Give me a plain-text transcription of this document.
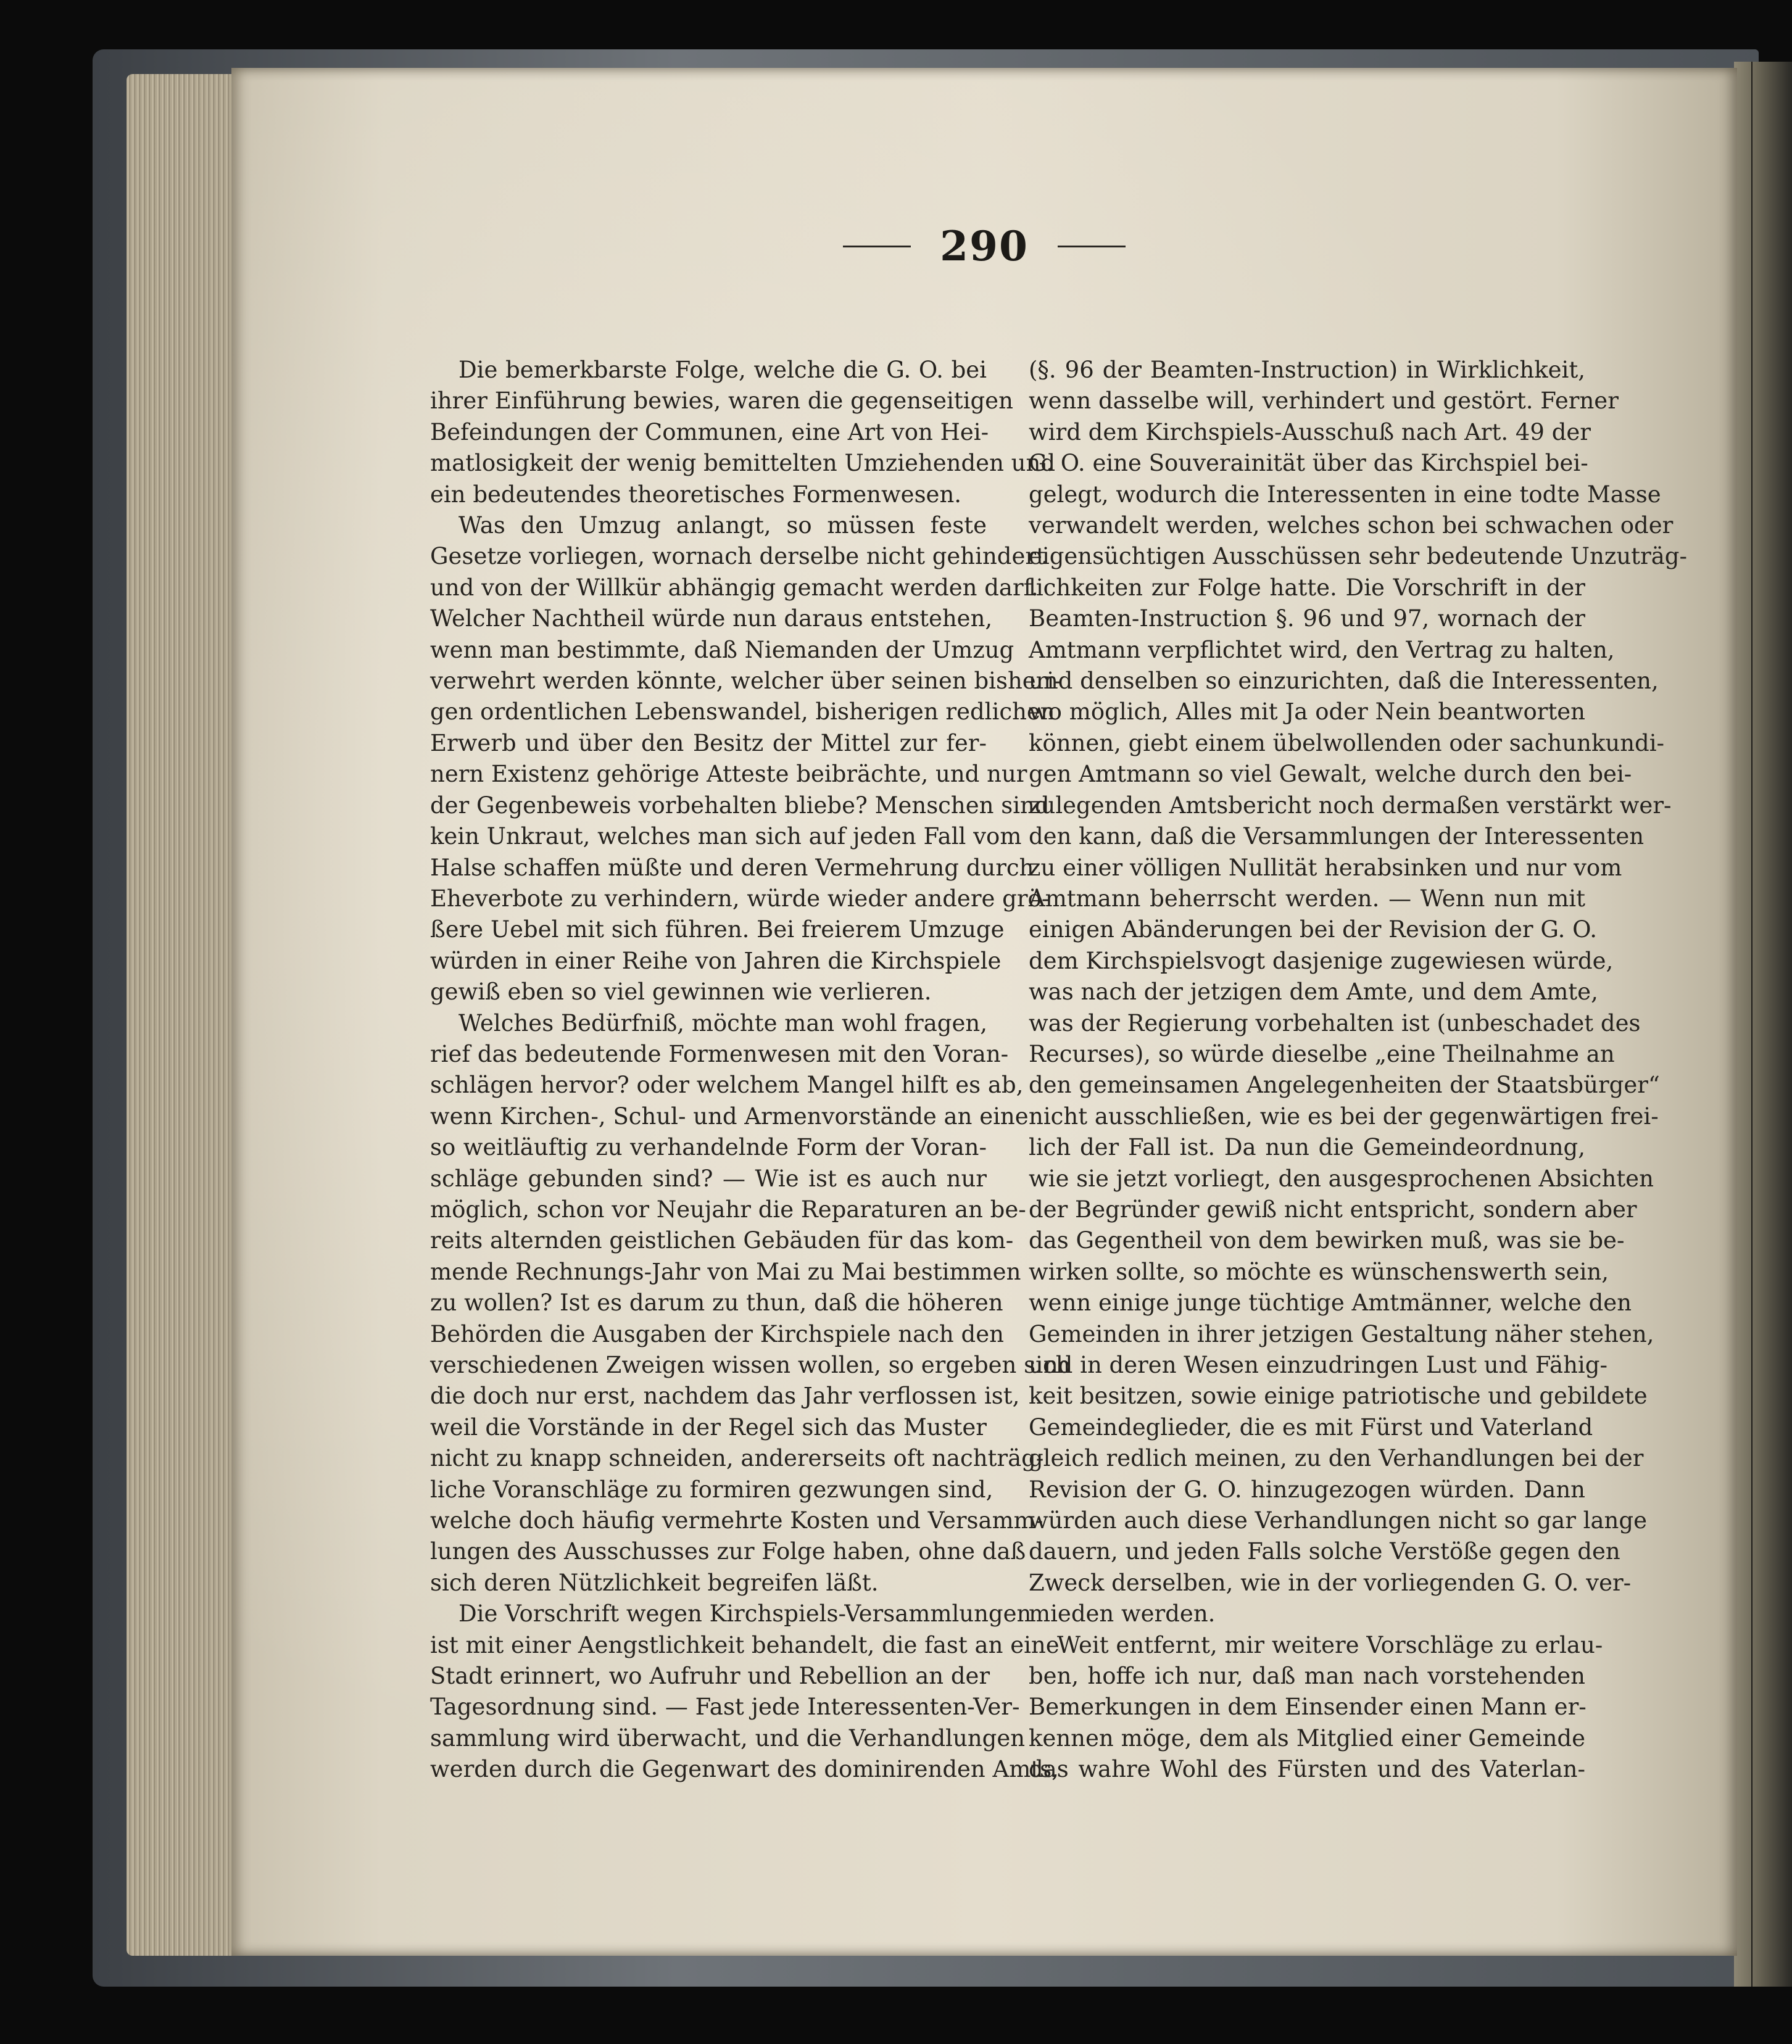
290

Die bemerkbarste Folge, welche die G. O. bei
ihrer Einführung bewies, waren die gegenseitigen
Befeindungen der Communen, eine Art von Hei-
matlosigkeit der wenig bemittelten Umziehenden und
ein bedeutendes theoretisches Formenwesen.

Was den Umzug anlangt, so müssen feste
Gesetze vorliegen, wornach derselbe nicht gehindert
und von der Willkür abhängig gemacht werden darf.
Welcher Nachtheil würde nun daraus entstehen,
wenn man bestimmte, daß Niemanden der Umzug
verwehrt werden könnte, welcher über seinen bisheri-
gen ordentlichen Lebenswandel, bisherigen redlichen
Erwerb und über den Besitz der Mittel zur fer-
nern Existenz gehörige Atteste beibrächte, und nur
der Gegenbeweis vorbehalten bliebe? Menschen sind
kein Unkraut, welches man sich auf jeden Fall vom
Halse schaffen müßte und deren Vermehrung durch
Eheverbote zu verhindern, würde wieder andere grö-
ßere Uebel mit sich führen. Bei freierem Umzuge
würden in einer Reihe von Jahren die Kirchspiele
gewiß eben so viel gewinnen wie verlieren.

Welches Bedürfniß, möchte man wohl fragen,
rief das bedeutende Formenwesen mit den Voran-
schlägen hervor? oder welchem Mangel hilft es ab,
wenn Kirchen-, Schul- und Armenvorstände an eine
so weitläuftig zu verhandelnde Form der Voran-
schläge gebunden sind? — Wie ist es auch nur
möglich, schon vor Neujahr die Reparaturen an be-
reits alternden geistlichen Gebäuden für das kom-
mende Rechnungs-Jahr von Mai zu Mai bestimmen
zu wollen? Ist es darum zu thun, daß die höheren
Behörden die Ausgaben der Kirchspiele nach den
verschiedenen Zweigen wissen wollen, so ergeben sich
die doch nur erst, nachdem das Jahr verflossen ist,
weil die Vorstände in der Regel sich das Muster
nicht zu knapp schneiden, andererseits oft nachträg-
liche Voranschläge zu formiren gezwungen sind,
welche doch häufig vermehrte Kosten und Versamm-
lungen des Ausschusses zur Folge haben, ohne daß
sich deren Nützlichkeit begreifen läßt.

Die Vorschrift wegen Kirchspiels-Versammlungen
ist mit einer Aengstlichkeit behandelt, die fast an eine
Stadt erinnert, wo Aufruhr und Rebellion an der
Tagesordnung sind. — Fast jede Interessenten-Ver-
sammlung wird überwacht, und die Verhandlungen
werden durch die Gegenwart des dominirenden Amts,

(§. 96 der Beamten-Instruction) in Wirklichkeit,
wenn dasselbe will, verhindert und gestört. Ferner
wird dem Kirchspiels-Ausschuß nach Art. 49 der
G. O. eine Souverainität über das Kirchspiel bei-
gelegt, wodurch die Interessenten in eine todte Masse
verwandelt werden, welches schon bei schwachen oder
eigensüchtigen Ausschüssen sehr bedeutende Unzuträg-
lichkeiten zur Folge hatte. Die Vorschrift in der
Beamten-Instruction §. 96 und 97, wornach der
Amtmann verpflichtet wird, den Vertrag zu halten,
und denselben so einzurichten, daß die Interessenten,
wo möglich, Alles mit Ja oder Nein beantworten
können, giebt einem übelwollenden oder sachunkundi-
gen Amtmann so viel Gewalt, welche durch den bei-
zulegenden Amtsbericht noch dermaßen verstärkt wer-
den kann, daß die Versammlungen der Interessenten
zu einer völligen Nullität herabsinken und nur vom
Amtmann beherrscht werden. — Wenn nun mit
einigen Abänderungen bei der Revision der G. O.
dem Kirchspielsvogt dasjenige zugewiesen würde,
was nach der jetzigen dem Amte, und dem Amte,
was der Regierung vorbehalten ist (unbeschadet des
Recurses), so würde dieselbe „eine Theilnahme an
den gemeinsamen Angelegenheiten der Staatsbürger“
nicht ausschließen, wie es bei der gegenwärtigen frei-
lich der Fall ist. Da nun die Gemeindeordnung,
wie sie jetzt vorliegt, den ausgesprochenen Absichten
der Begründer gewiß nicht entspricht, sondern aber
das Gegentheil von dem bewirken muß, was sie be-
wirken sollte, so möchte es wünschenswerth sein,
wenn einige junge tüchtige Amtmänner, welche den
Gemeinden in ihrer jetzigen Gestaltung näher stehen,
und in deren Wesen einzudringen Lust und Fähig-
keit besitzen, sowie einige patriotische und gebildete
Gemeindeglieder, die es mit Fürst und Vaterland
gleich redlich meinen, zu den Verhandlungen bei der
Revision der G. O. hinzugezogen würden. Dann
würden auch diese Verhandlungen nicht so gar lange
dauern, und jeden Falls solche Verstöße gegen den
Zweck derselben, wie in der vorliegenden G. O. ver-
mieden werden.

Weit entfernt, mir weitere Vorschläge zu erlau-
ben, hoffe ich nur, daß man nach vorstehenden
Bemerkungen in dem Einsender einen Mann er-
kennen möge, dem als Mitglied einer Gemeinde
das wahre Wohl des Fürsten und des Vaterlan-
